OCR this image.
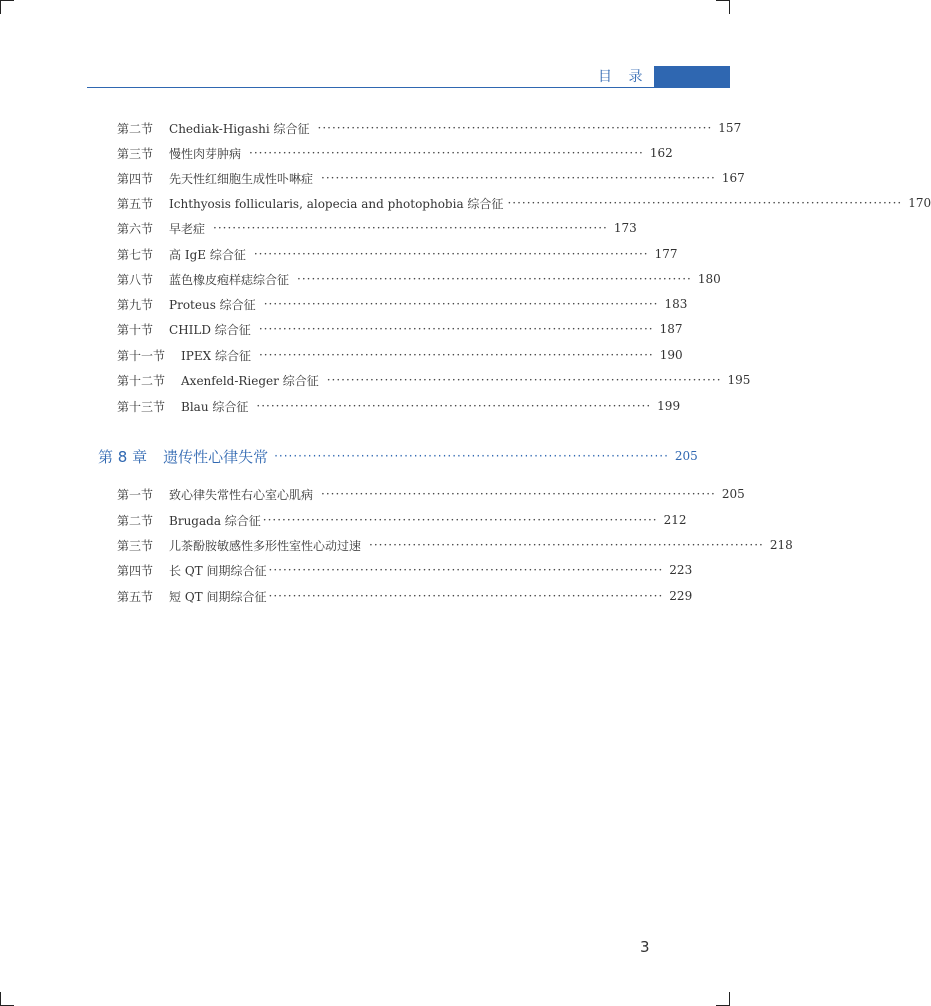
目 录
第二节 Chediak-Higashi 综合征 ·················································································· 157
第三节 慢性肉芽肿病 ·················································································· 162
第四节 先天性红细胞生成性卟啉症 ·················································································· 167
第五节 Ichthyosis follicularis, alopecia and photophobia 综合征 ·················································································· 170
第六节 早老症 ·················································································· 173
第七节 高 IgE 综合征 ·················································································· 177
第八节 蓝色橡皮疱样痣综合征 ·················································································· 180
第九节 Proteus 综合征 ·················································································· 183
第十节 CHILD 综合征 ·················································································· 187
第十一节 IPEX 综合征 ·················································································· 190
第十二节 Axenfeld-Rieger 综合征 ·················································································· 195
第十三节 Blau 综合征 ·················································································· 199
第 8 章 遗传性心律失常 ·················································································· 205
第一节 致心律失常性右心室心肌病 ·················································································· 205
第二节 Brugada 综合征 ·················································································· 212
第三节 儿茶酚胺敏感性多形性室性心动过速 ·················································································· 218
第四节 长 QT 间期综合征 ·················································································· 223
第五节 短 QT 间期综合征 ·················································································· 229
3
